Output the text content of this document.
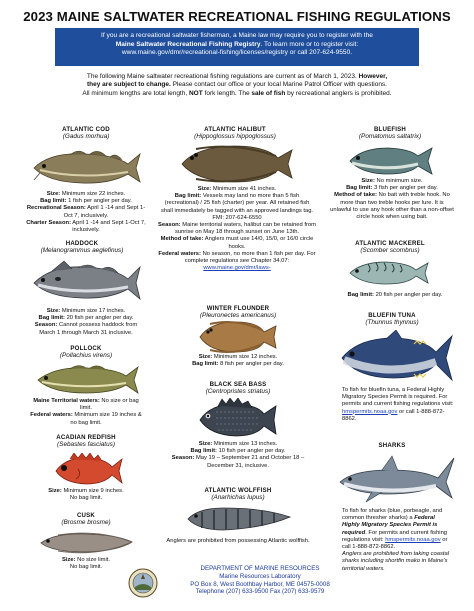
2023 MAINE SALTWATER RECREATIONAL FISHING REGULATIONS
If you are a recreational saltwater fisherman, a Maine law may require you to register with the
Maine Saltwater Recreational Fishing Registry. To learn more or to register visit:
www.maine.gov/dmr/recreational-fishing/licenses/registry or call 207-624-9550.
The following Maine saltwater recreational fishing regulations are current as of March 1, 2023. However,
they are subject to change. Please contact our office or your local Marine Patrol Officer with questions.
All minimum lengths are total length, NOT fork length. The sale of fish by recreational anglers is prohibited.
ATLANTIC COD
(Gadus morhua)
Size: Minimum size 22 inches.
Bag limit: 1 fish per angler per day.
Recreational Season: April 1 -14 and Sept 1-Oct 7, inclusively.
Charter Season: April 1 -14 and Sept 1-Oct 7, inclusively.
HADDOCK
(Melanogrammus aeglefinus)
Size: Minimum size 17 inches.
Bag limit: 20 fish per angler per day.
Season: Cannot possess haddock from March 1 through March 31 inclusive.
POLLOCK
(Pollachius virens)
Maine Territorial waters: No size or bag limit.
Federal waters: Minimum size 19 inches & no bag limit.
ACADIAN REDFISH
(Sebastes fasciatus)
Size: Minimum size 9 inches.
No bag limit.
CUSK
(Brosme brosme)
Size: No size limit.
No bag limit.
ATLANTIC HALIBUT
(Hippoglossus hippoglossus)
Size: Minimum size 41 inches.
Bag limit: Vessels may land no more than 5 fish (recreational) / 25 fish (charter) per year. All retained fish shall immediately be tagged with an approved landings tag. FMI: 207-624-6550
Season: Maine territorial waters, halibut can be retained from sunrise on May 18 through sunset on June 13th.
Method of take: Anglers must use 14/0, 15/0, or 16/0 circle hooks.
Federal waters: No season, no more than 1 fish per day. For complete regulations see Chapter 34.07:
www.maine.gov/dmr/laws-
WINTER FLOUNDER
(Pleuronectes americanus)
Size: Minimum size 12 inches.
Bag limit: 8 fish per angler per day.
BLACK SEA BASS
(Centropristes striatus)
Size: Minimum size 13 inches.
Bag limit: 10 fish per angler per day.
Season: May 19 – September 21 and October 18 – December 31, inclusive.
ATLANTIC WOLFFISH
(Anarhichas lupus)
Anglers are prohibited from possessing Atlantic wolffish.
BLUEFISH
(Pomatomus saltatrix)
Size: No minimum size.
Bag limit: 3 fish per angler per day.
Method of take: No bait with treble hook. No more than two treble hooks per lure. It is unlawful to use any hook other than a non-offset circle hook when using bait.
ATLANTIC MACKEREL
(Scomber scombrus)
Bag limit: 20 fish per angler per day.
BLUEFIN TUNA
(Thunnus thynnus)
To fish for bluefin tuna, a Federal Highly Migratory Species Permit is required. For permits and current fishing regulations visit: hmspermits.noaa.gov or call 1-888-872-8862.
SHARKS
To fish for sharks (blue, porbeagle, and common thresher sharks) a Federal Highly Migratory Species Permit is required. For permits and current fishing regulations visit: hmspermits.noaa.gov or call 1-888-872-8862.
Anglers are prohibited from taking coastal sharks including shortfin mako in Maine's territorial waters.
DEPARTMENT OF MARINE RESOURCES
Marine Resources Laboratory
PO Box 8, West Boothbay Harbor, ME 04575-0008
Telephone (207) 633-9500 Fax (207) 633-9579
